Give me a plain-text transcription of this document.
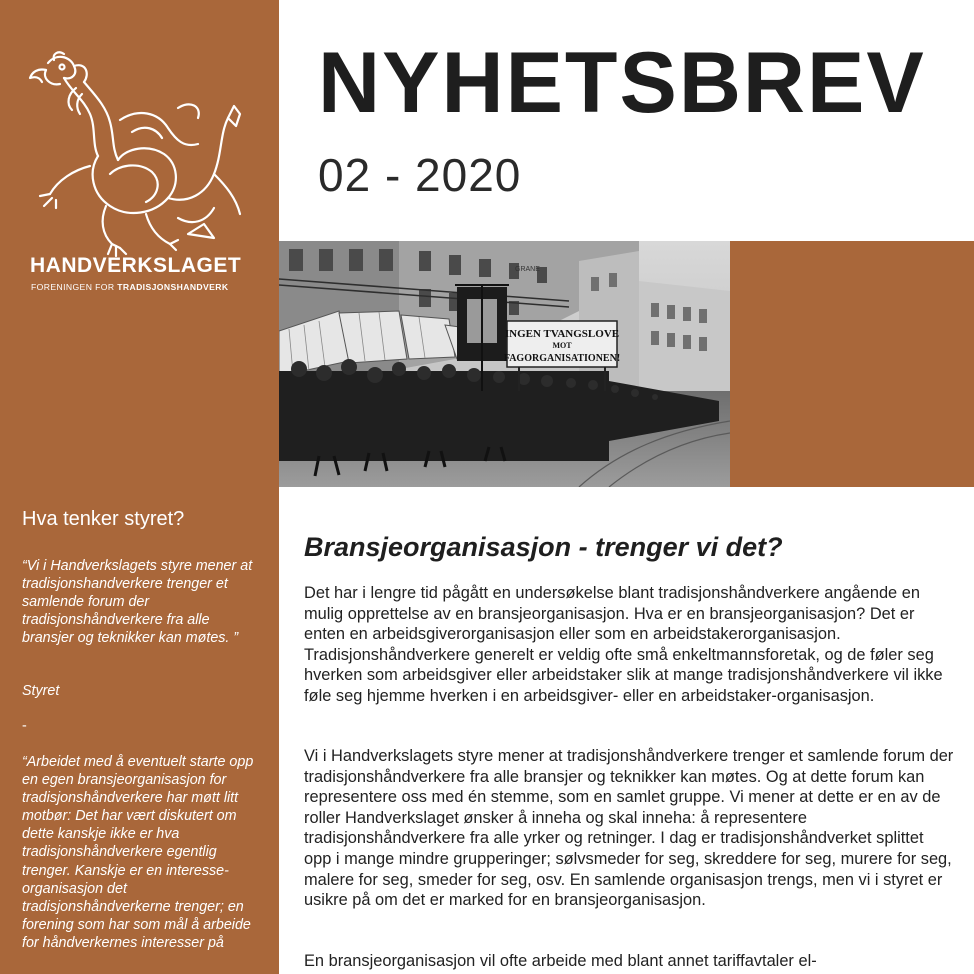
HANDVERKSLAGET
FORENINGEN FOR TRADISJONSHANDVERK
Hva tenker styret?

“Vi i Handverkslagets styre mener at tradisjonshandverkere trenger et samlende forum der tradisjonshåndverkere fra alle bransjer og teknikker kan møtes. ”

Styret
-

“Arbeidet med å eventuelt starte opp en egen bransjeorganisasjon for tradisjonshåndverkere har møtt litt motbør: Det har vært diskutert om dette kanskje ikke er hva tradisjonshåndverkere egentlig trenger. Kanskje er en interesse-organisasjon det tradisjonshåndverkerne trenger; en forening som har som mål å arbeide for håndverkernes interesser på

NYHETSBREV
02 - 2020
INGEN TVANGSLOVE
MOT
FAGORGANISATIONEN!
GRANE
Bransjeorganisasjon - trenger vi det?

Det har i lengre tid pågått en undersøkelse blant tradisjonshåndverkere angående en mulig opprettelse av en bransjeorganisasjon. Hva er en bransjeorganisasjon? Det er enten en arbeidsgiverorganisasjon eller som en arbeidstakerorganisasjon. Tradisjonshåndverkere generelt er veldig ofte små enkeltmannsforetak, og de føler seg hverken som arbeidsgiver eller arbeidstaker slik at mange tradisjonshåndverkere vil ikke føle seg hjemme hverken i en arbeidsgiver- eller en arbeidstaker-organisasjon.

Vi i Handverkslagets styre mener at tradisjonshåndverkere trenger et samlende forum der tradisjonshåndverkere fra alle bransjer og teknikker kan møtes. Og at dette forum kan representere oss med én stemme, som en samlet gruppe. Vi mener at dette er en av de roller Handverkslaget ønsker å inneha og skal inneha: å representere tradisjonshåndverkere fra alle yrker og retninger. I dag er tradisjonshåndverket splittet opp i mange mindre grupperinger; sølvsmeder for seg, skreddere for seg, murere for seg, malere for seg, smeder for seg, osv. En samlende organisasjon trengs, men vi i styret er usikre på om det er marked for en bransjeorganisasjon.

En bransjeorganisasjon vil ofte arbeide med blant annet tariffavtaler el-
